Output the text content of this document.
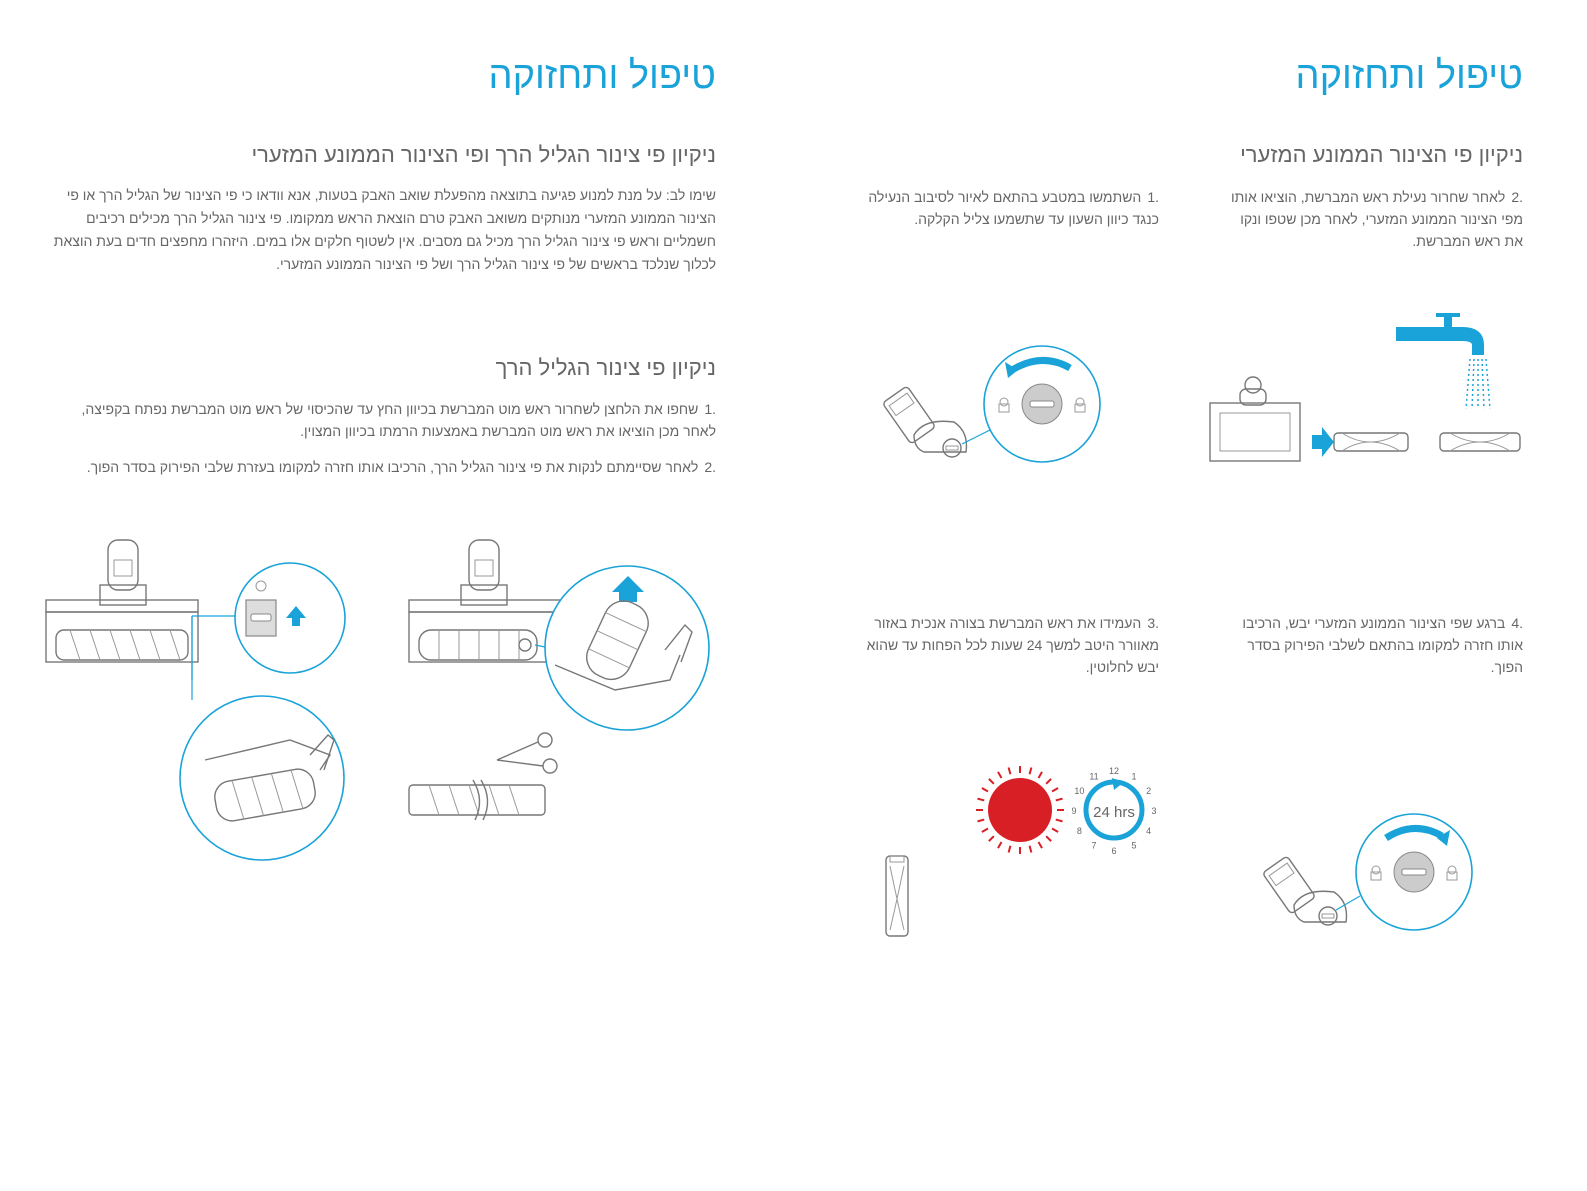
טיפול ותחזוקה
ניקיון פי צינור הגליל הרך ופי הצינור הממונע המזערי

שימו לב: על מנת למנוע פגיעה בתוצאה מהפעלת שואב האבק בטעות, אנא וודאו כי פי הצינור של הגליל הרך או פי הצינור הממונע המזערי מנותקים משואב האבק טרם הוצאת הראש ממקומו. פי צינור הגליל הרך מכילים רכיבים חשמליים וראש פי צינור הגליל הרך מכיל גם מסבים. אין לשטוף חלקים אלו במים. היזהרו מחפצים חדים בעת הוצאת לכלוך שנלכד בראשים של פי צינור הגליל הרך ושל פי הצינור הממונע המזערי.

ניקיון פי צינור הגליל הרך
.1שחפו את הלחצן לשחרור ראש מוט המברשת בכיוון החץ עד שהכיסוי של ראש מוט המברשת נפתח בקפיצה, לאחר מכן הוציאו את ראש מוט המברשת באמצעות הרמתו בכיוון המצוין.
.2לאחר שסיימתם לנקות את פי צינור הגליל הרך, הרכיבו אותו חזרה למקומו בעזרת שלבי הפירוק בסדר הפוך.
טיפול ותחזוקה
ניקיון פי הצינור הממונע המזערי
.2לאחר שחרור נעילת ראש המברשת, הוציאו אותו מפי הצינור הממונע המזערי, לאחר מכן שטפו ונקו את ראש המברשת.
.1השתמשו במטבע בהתאם לאיור לסיבוב הנעילה כנגד כיוון השעון עד שתשמעו צליל הקלקה.
.4ברגע שפי הצינור הממונע המזערי יבש, הרכיבו אותו חזרה למקומו בהתאם לשלבי הפירוק בסדר הפוך.
.3העמידו את ראש המברשת בצורה אנכית באזור מאוורר היטב למשך 24 שעות לכל הפחות עד שהוא יבש לחלוטין.
24 hrs
12
1
2
3
4
5
6
7
8
9
10
11
